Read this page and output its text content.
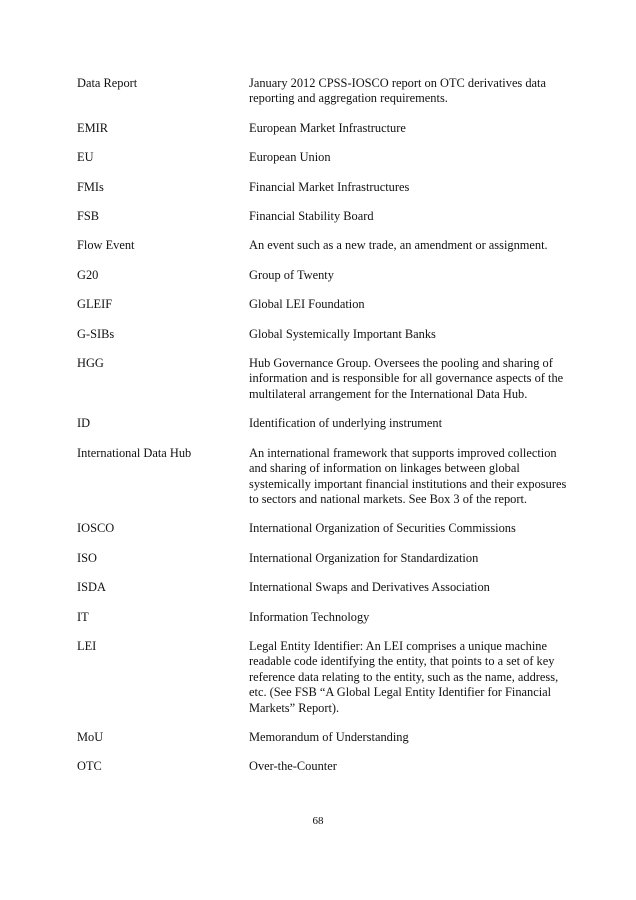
Data Report	January 2012 CPSS-IOSCO report on OTC derivatives data reporting and aggregation requirements.
EMIR	European Market Infrastructure
EU	European Union
FMIs	Financial Market Infrastructures
FSB	Financial Stability Board
Flow Event	An event such as a new trade, an amendment or assignment.
G20	Group of Twenty
GLEIF	Global LEI Foundation
G-SIBs	Global Systemically Important Banks
HGG	Hub Governance Group. Oversees the pooling and sharing of information and is responsible for all governance aspects of the multilateral arrangement for the International Data Hub.
ID	Identification of underlying instrument
International Data Hub	An international framework that supports improved collection and sharing of information on linkages between global systemically important financial institutions and their exposures to sectors and national markets. See Box 3 of the report.
IOSCO	International Organization of Securities Commissions
ISO	International Organization for Standardization
ISDA	International Swaps and Derivatives Association
IT	Information Technology
LEI	Legal Entity Identifier: An LEI comprises a unique machine readable code identifying the entity, that points to a set of key reference data relating to the entity, such as the name, address, etc. (See FSB “A Global Legal Entity Identifier for Financial Markets” Report).
MoU	Memorandum of Understanding
OTC	Over-the-Counter
68
